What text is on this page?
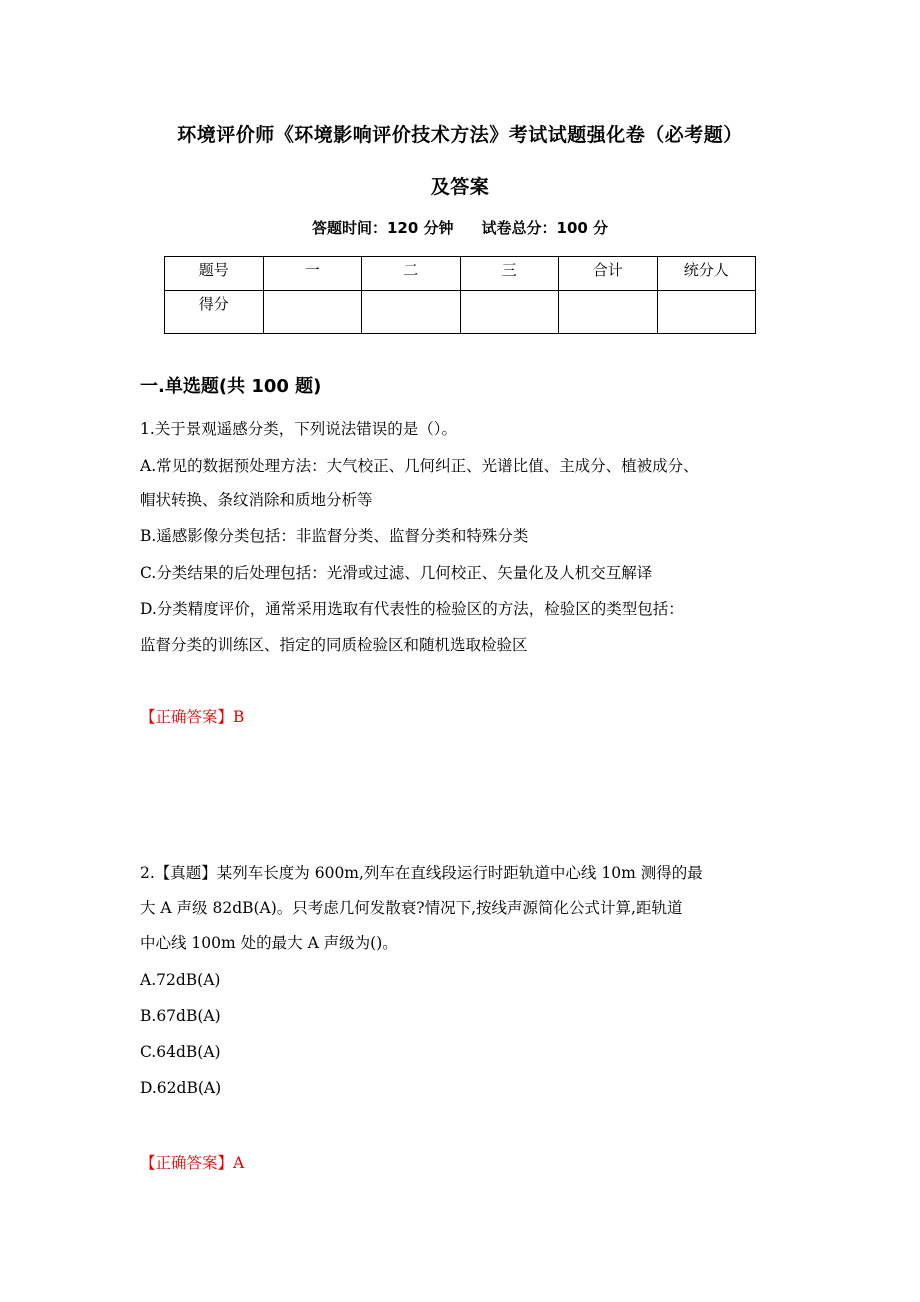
环境评价师《环境影响评价技术方法》考试试题强化卷（必考题）
及答案
答题时间：120 分钟 试卷总分：100 分
题号	一	二	三	合计	统分人
得分					
一.单选题(共 100 题)
1.关于景观遥感分类，下列说法错误的是（）。
A.常见的数据预处理方法：大气校正、几何纠正、光谱比值、主成分、植被成分、
帽状转换、条纹消除和质地分析等
B.遥感影像分类包括：非监督分类、监督分类和特殊分类
C.分类结果的后处理包括：光滑或过滤、几何校正、矢量化及人机交互解译
D.分类精度评价，通常采用选取有代表性的检验区的方法，检验区的类型包括：
监督分类的训练区、指定的同质检验区和随机选取检验区
【正确答案】B
2.【真题】某列车长度为 600m,列车在直线段运行时距轨道中心线 10m 测得的最
大 A 声级 82dB(A)。只考虑几何发散衰?情况下,按线声源简化公式计算,距轨道
中心线 100m 处的最大 A 声级为()。
A.72dB(A)
B.67dB(A)
C.64dB(A)
D.62dB(A)
【正确答案】A
